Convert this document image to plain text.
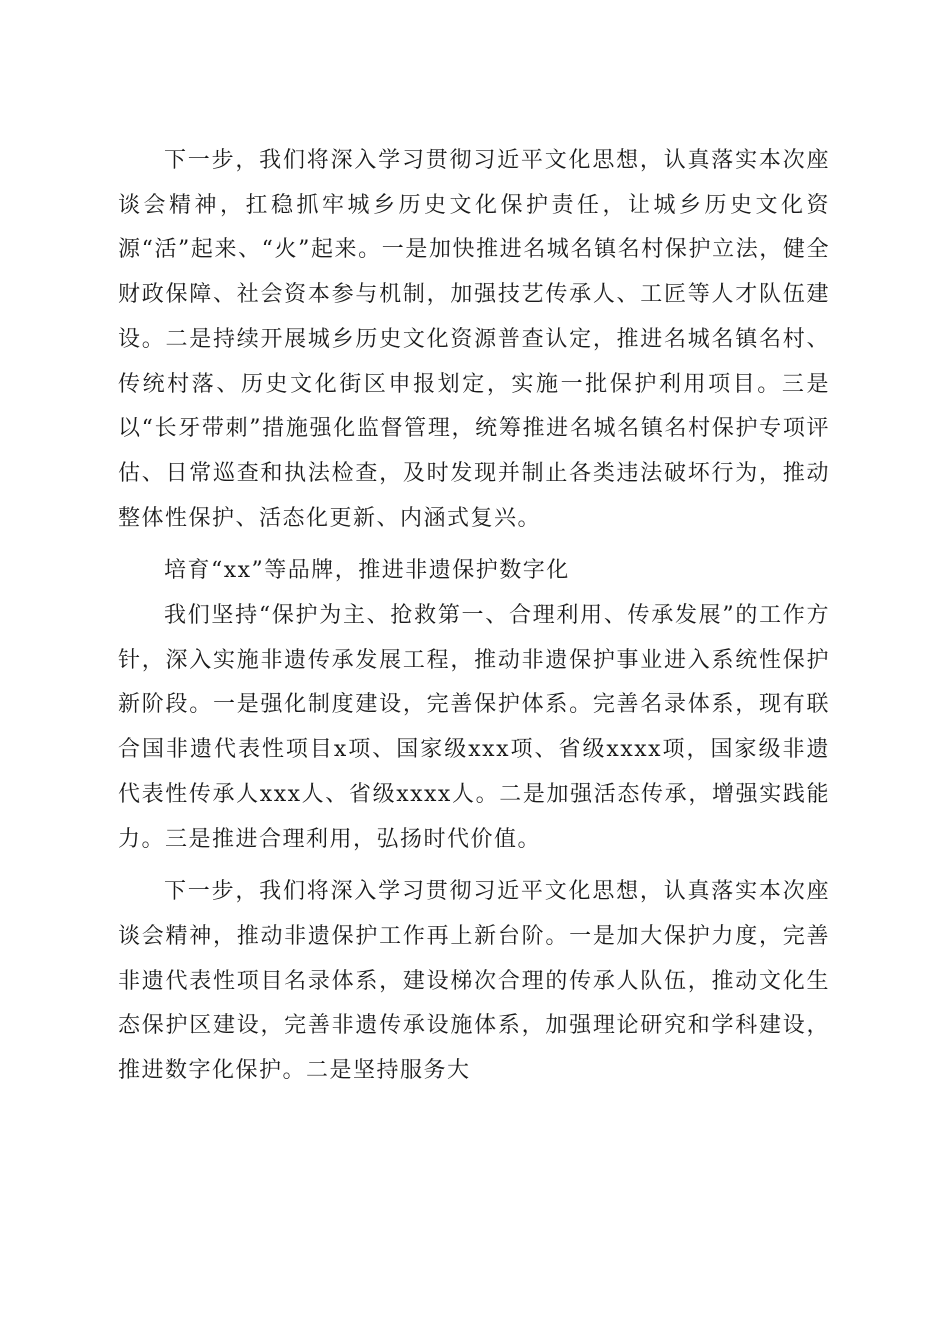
下一步，我们将深入学习贯彻习近平文化思想，认真落实本次座谈会精神，扛稳抓牢城乡历史文化保护责任，让城乡历史文化资源“活”起来、“火”起来。一是加快推进名城名镇名村保护立法，健全财政保障、社会资本参与机制，加强技艺传承人、工匠等人才队伍建设。二是持续开展城乡历史文化资源普查认定，推进名城名镇名村、传统村落、历史文化街区申报划定，实施一批保护利用项目。三是以“长牙带刺”措施强化监督管理，统筹推进名城名镇名村保护专项评估、日常巡查和执法检查，及时发现并制止各类违法破坏行为，推动整体性保护、活态化更新、内涵式复兴。

培育“xx”等品牌，推进非遗保护数字化

我们坚持“保护为主、抢救第一、合理利用、传承发展”的工作方针，深入实施非遗传承发展工程，推动非遗保护事业进入系统性保护新阶段。一是强化制度建设，完善保护体系。完善名录体系，现有联合国非遗代表性项目x项、国家级xxx项、省级xxxx项，国家级非遗代表性传承人xxx人、省级xxxx人。二是加强活态传承，增强实践能力。三是推进合理利用，弘扬时代价值。

下一步，我们将深入学习贯彻习近平文化思想，认真落实本次座谈会精神，推动非遗保护工作再上新台阶。一是加大保护力度，完善非遗代表性项目名录体系，建设梯次合理的传承人队伍，推动文化生态保护区建设，完善非遗传承设施体系，加强理论研究和学科建设，推进数字化保护。二是坚持服务大
